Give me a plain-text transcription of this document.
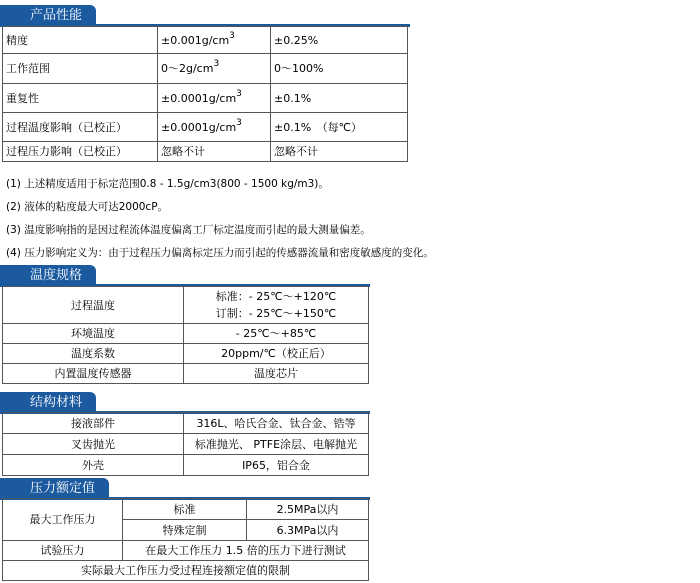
产品性能
精度	$\pm 0.001g/cm^3$	±0.25%
工作范围	$0\sim 2g/cm^3$	0～100%
重复性	$\pm 0.0001g/cm^3$	±0.1%
过程温度影响（已校正）	$\pm 0.0001g/cm^3$	±0.1%　（每℃）
过程压力影响（已校正）	忽略不计	忽略不计
(1) 上述精度适用于标定范围0.8 - 1.5g/cm3(800 - 1500 kg/m3)。
(2) 液体的粘度最大可达2000cP。
(3) 温度影响指的是因过程流体温度偏离工厂标定温度而引起的最大测量偏差。
(4) 压力影响定义为：由于过程压力偏离标定压力而引起的传感器流量和密度敏感度的变化。
温度规格
过程温度	标准：- 25℃～+120℃
订制：- 25℃～+150℃

环境温度	- 25℃～+85℃
温度系数	20ppm/℃（校正后）
内置温度传感器	温度芯片
结构材料
接液部件	316L、哈氏合金、钛合金、锆等
叉齿抛光	标准抛光、 PTFE涂层、电解抛光
外壳	IP65，铝合金
压力额定值
最大工作压力	标准	2.5MPa以内
	特殊定制	6.3MPa以内
试验压力	在最大工作压力 1.5 倍的压力下进行测试	
实际最大工作压力受过程连接额定值的限制		
